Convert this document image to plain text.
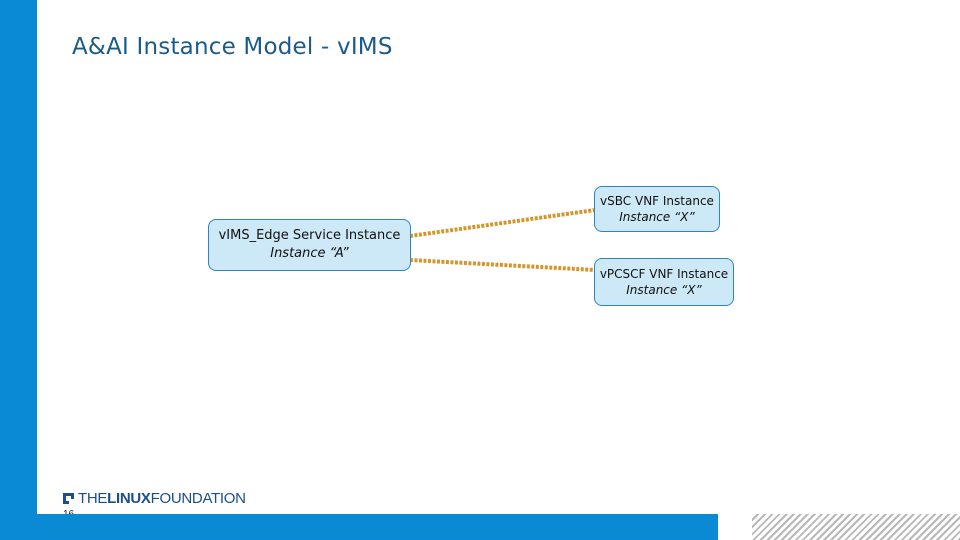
A&AI Instance Model - vIMS
vIMS_Edge Service Instance
Instance “A”
vSBC VNF Instance
Instance “X”
vPCSCF VNF Instance
Instance “X”
THELINUXFOUNDATION
